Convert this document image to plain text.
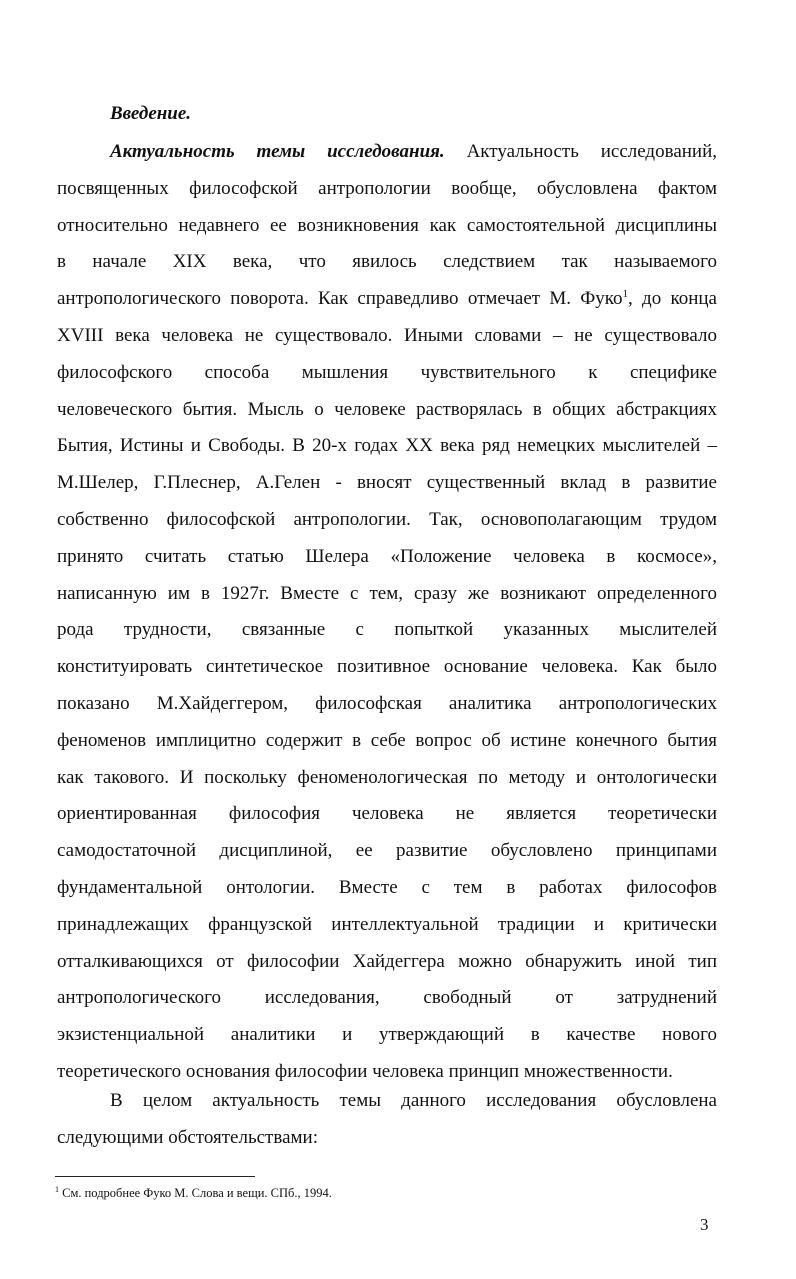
Введение.
Актуальность темы исследования. Актуальность исследований,
посвященных философской антропологии вообще, обусловлена фактом
относительно недавнего ее возникновения как самостоятельной дисциплины
в начале XIX века, что явилось следствием так называемого
антропологического поворота. Как справедливо отмечает М. Фуко$^1$, до конца
XVIII века человека не существовало. Иными словами – не существовало
философского способа мышления чувствительного к специфике
человеческого бытия. Мысль о человеке растворялась в общих абстракциях
Бытия, Истины и Свободы. В 20-х годах XX века ряд немецких мыслителей –
М.Шелер, Г.Плеснер, А.Гелен - вносят существенный вклад в развитие
собственно философской антропологии. Так, основополагающим трудом
принято считать статью Шелера «Положение человека в космосе»,
написанную им в 1927г. Вместе с тем, сразу же возникают определенного
рода трудности, связанные с попыткой указанных мыслителей
конституировать синтетическое позитивное основание человека. Как было
показано М.Хайдеггером, философская аналитика антропологических
феноменов имплицитно содержит в себе вопрос об истине конечного бытия
как такового. И поскольку феноменологическая по методу и онтологически
ориентированная философия человека не является теоретически
самодостаточной дисциплиной, ее развитие обусловлено принципами
фундаментальной онтологии. Вместе с тем в работах философов
принадлежащих французской интеллектуальной традиции и критически
отталкивающихся от философии Хайдеггера можно обнаружить иной тип
антропологического исследования, свободный от затруднений
экзистенциальной аналитики и утверждающий в качестве нового
теоретического основания философии человека принцип множественности.
В целом актуальность темы данного исследования обусловлена
следующими обстоятельствами:
$^1$ См. подробнее Фуко М. Слова и вещи. СПб., 1994.
3
